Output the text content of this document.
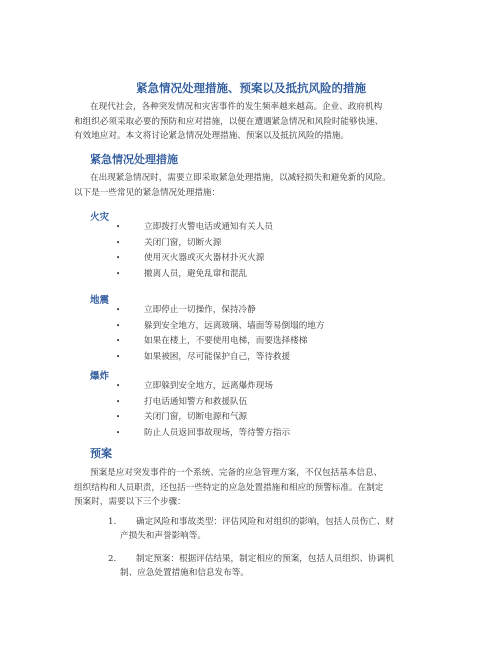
紧急情况处理措施、预案以及抵抗风险的措施
在现代社会，各种突发情况和灾害事件的发生频率越来越高。企业、政府机构
和组织必须采取必要的预防和应对措施，以便在遭遇紧急情况和风险时能够快速、
有效地应对。本文将讨论紧急情况处理措施、预案以及抵抗风险的措施。
紧急情况处理措施
在出现紧急情况时，需要立即采取紧急处理措施，以减轻损失和避免新的风险。
以下是一些常见的紧急情况处理措施：
火灾
•	立即拨打火警电话或通知有关人员
•	关闭门窗，切断火源
•	使用灭火器或灭火器材扑灭火源
•	撤离人员，避免乱窜和混乱
地震
•	立即停止一切操作，保持冷静
•	躲到安全地方，远离玻璃、墙面等易倒塌的地方
•	如果在楼上，不要使用电梯，而要选择楼梯
•	如果被困，尽可能保护自己，等待救援
爆炸
•	立即躲到安全地方，远离爆炸现场
•	打电话通知警方和救援队伍
•	关闭门窗，切断电源和气源
•	防止人员返回事故现场，等待警方指示
预案
预案是应对突发事件的一个系统、完备的应急管理方案，不仅包括基本信息、
组织结构和人员职责，还包括一些特定的应急处置措施和相应的预警标准。在制定
预案时，需要以下三个步骤：
1.	确定风险和事故类型：评估风险和对组织的影响，包括人员伤亡、财
产损失和声誉影响等。
2.	制定预案：根据评估结果，制定相应的预案，包括人员组织、协调机
制、应急处置措施和信息发布等。
